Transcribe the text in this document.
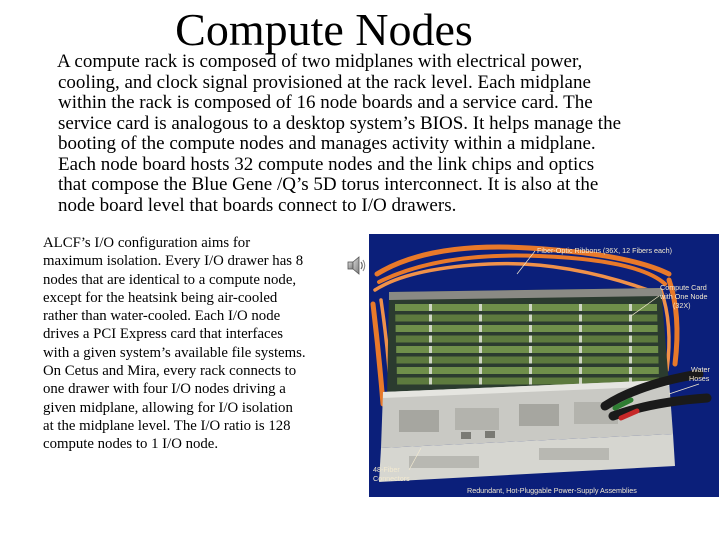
Compute Nodes
A compute rack is composed of two midplanes with electrical power,
cooling, and clock signal provisioned at the rack level. Each midplane
within the rack is composed of 16 node boards and a service card. The
service card is analogous to a desktop system’s BIOS. It helps manage the
booting of the compute nodes and manages activity within a midplane.
Each node board hosts 32 compute nodes and the link chips and optics
that compose the Blue Gene /Q’s 5D torus interconnect. It is also at the
node board level that boards connect to I/O drawers.
ALCF’s I/O configuration aims for
maximum isolation. Every I/O drawer has 8
nodes that are identical to a compute node,
except for the heatsink being air-cooled
rather than water-cooled. Each I/O node
drives a PCI Express card that interfaces
with a given system’s available file systems.
On Cetus and Mira, every rack connects to
one drawer with four I/O nodes driving a
given midplane, allowing for I/O isolation
at the midplane level. The I/O ratio is 128
compute nodes to 1 I/O node.
Fiber-Optic Ribbons (36X, 12 Fibers each)
Compute Card
with One Node
(32X)
Water
Hoses
48-Fiber
Connectors
Redundant, Hot-Pluggable Power-Supply Assemblies
